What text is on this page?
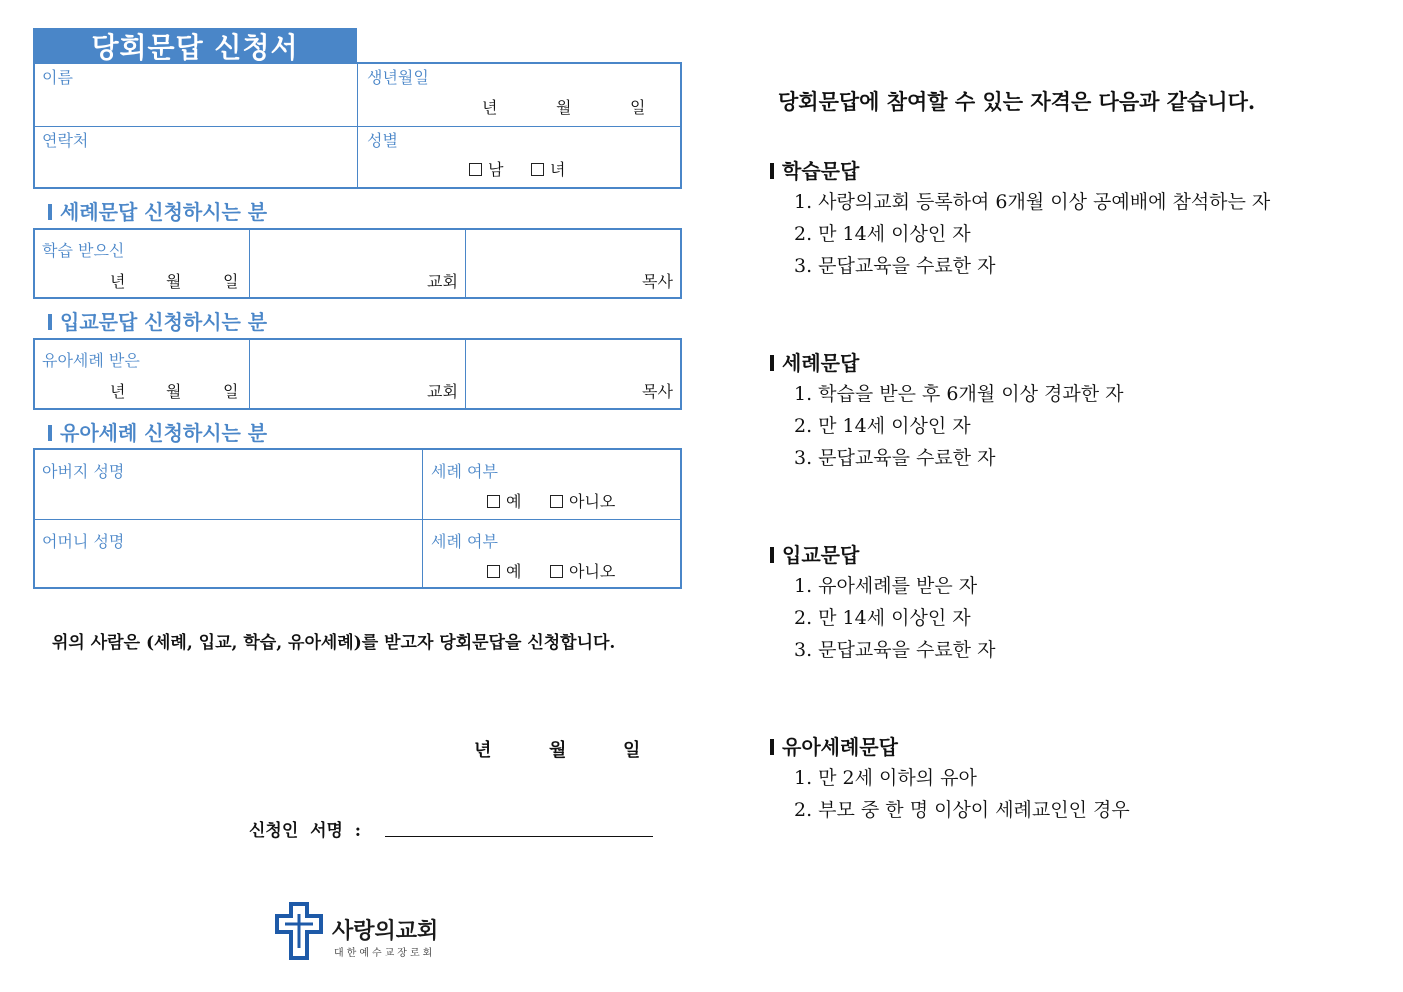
당회문답 신청서
이름	생년월일
년	월	일
연락처	성별
남	녀
세례문답 신청하시는 분
학습 받으신
년	월	일	교회	목사
입교문답 신청하시는 분
유아세례 받은
년	월	일	교회	목사
유아세례 신청하시는 분
아버지 성명	세례 여부
예	아니오
어머니 성명	세례 여부
예	아니오
위의 사람은 (세례, 입교, 학습, 유아세례)를 받고자 당회문답을 신청합니다.
년	월	일
신청인  서명  :
사랑의교회
대한예수교장로회
당회문답에 참여할 수 있는 자격은 다음과 같습니다.
학습문답
1. 사랑의교회 등록하여 6개월 이상 공예배에 참석하는 자
2. 만 14세 이상인 자
3. 문답교육을 수료한 자
세례문답
1. 학습을 받은 후 6개월 이상 경과한 자
2. 만 14세 이상인 자
3. 문답교육을 수료한 자
입교문답
1. 유아세례를 받은 자
2. 만 14세 이상인 자
3. 문답교육을 수료한 자
유아세례문답
1. 만 2세 이하의 유아
2. 부모 중 한 명 이상이 세례교인인 경우
